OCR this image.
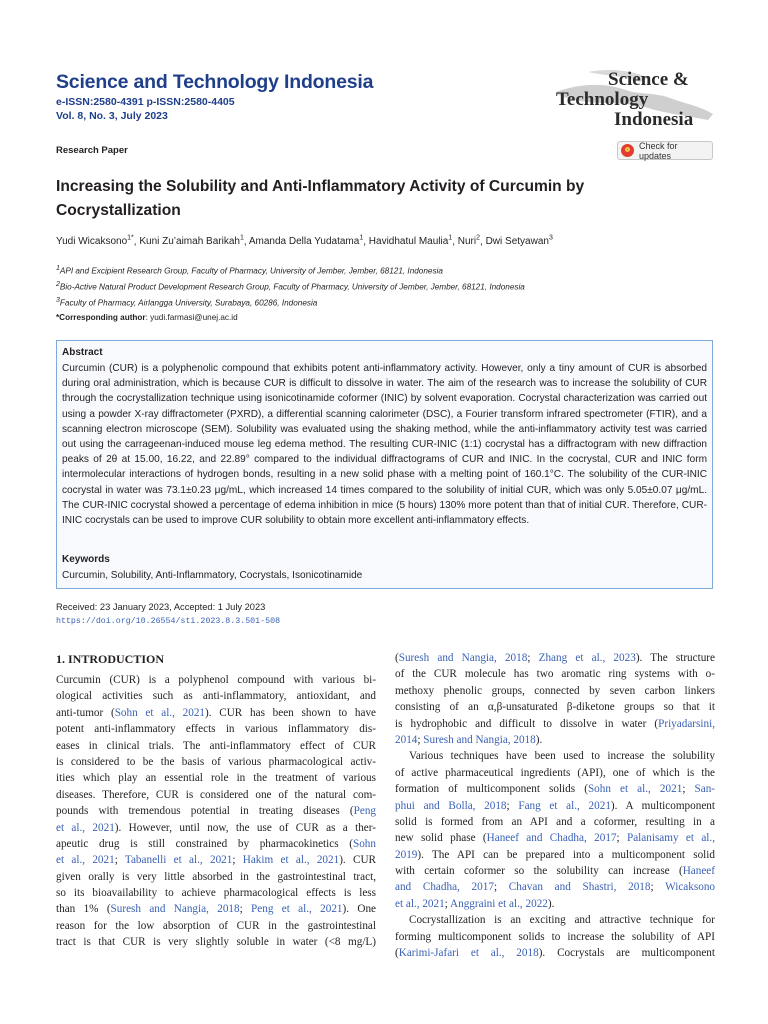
Science and Technology Indonesia
e-ISSN:2580-4391 p-ISSN:2580-4405
Vol. 8, No. 3, July 2023
Science &
Technology
Indonesia
Research Paper	Check for updates
Increasing the Solubility and Anti-Inflammatory Activity of Curcumin by
Cocrystallization
Yudi Wicaksono$^{1*}$, Kuni Zu’aimah Barikah$^1$, Amanda Della Yudatama$^1$, Havidhatul Maulia$^1$, Nuri$^2$, Dwi Setyawan$^3$
$^1$API and Excipient Research Group, Faculty of Pharmacy, University of Jember, Jember, 68121, Indonesia
$^2$Bio-Active Natural Product Development Research Group, Faculty of Pharmacy, University of Jember, Jember, 68121, Indonesia
$^3$Faculty of Pharmacy, Airlangga University, Surabaya, 60286, Indonesia
*Corresponding author: yudi.farmasi@unej.ac.id
Abstract
Curcumin (CUR) is a polyphenolic compound that exhibits potent anti-inflammatory activity. However, only a tiny amount of CUR is absorbed during oral administration, which is because CUR is difficult to dissolve in water. The aim of the research was to increase the solubility of CUR through the cocrystallization technique using isonicotinamide coformer (INIC) by solvent evaporation. Cocrystal characterization was carried out using a powder X-ray diffractometer (PXRD), a differential scanning calorimeter (DSC), a Fourier transform infrared spectrometer (FTIR), and a scanning electron microscope (SEM). Solubility was evaluated using the shaking method, while the anti-inflammatory activity test was carried out using the carrageenan-induced mouse leg edema method. The resulting CUR-INIC (1:1) cocrystal has a diffractogram with new diffraction peaks of 2θ at 15.00, 16.22, and 22.89° compared to the individual diffractograms of CUR and INIC. In the cocrystal, CUR and INIC form intermolecular interactions of hydrogen bonds, resulting in a new solid phase with a melting point of 160.1°C. The solubility of the CUR-INIC cocrystal in water was 73.1±0.23 μg/mL, which increased 14 times compared to the solubility of initial CUR, which was only 5.05±0.07 μg/mL. The CUR-INIC cocrystal showed a percentage of edema inhibition in mice (5 hours) 130% more potent than that of initial CUR. Therefore, CUR-INIC cocrystals can be used to improve CUR solubility to obtain more excellent anti-inflammatory effects.
Keywords
Curcumin, Solubility, Anti-Inflammatory, Cocrystals, Isonicotinamide
Received: 23 January 2023, Accepted: 1 July 2023
https://doi.org/10.26554/sti.2023.8.3.501-508
1. INTRODUCTION
Curcumin (CUR) is a polyphenol compound with various bi-
ological activities such as anti-inflammatory, antioxidant, and
anti-tumor (Sohn et al., 2021). CUR has been shown to have
potent anti-inflammatory effects in various inflammatory dis-
eases in clinical trials. The anti-inflammatory effect of CUR
is considered to be the basis of various pharmacological activ-
ities which play an essential role in the treatment of various
diseases. Therefore, CUR is considered one of the natural com-
pounds with tremendous potential in treating diseases (Peng
et al., 2021). However, until now, the use of CUR as a ther-
apeutic drug is still constrained by pharmacokinetics (Sohn
et al., 2021; Tabanelli et al., 2021; Hakim et al., 2021). CUR
given orally is very little absorbed in the gastrointestinal tract,
so its bioavailability to achieve pharmacological effects is less
than 1% (Suresh and Nangia, 2018; Peng et al., 2021). One
reason for the low absorption of CUR in the gastrointestinal
tract is that CUR is very slightly soluble in water (<8 mg/L)
(Suresh and Nangia, 2018; Zhang et al., 2023). The structure
of the CUR molecule has two aromatic ring systems with o-
methoxy phenolic groups, connected by seven carbon linkers
consisting of an α,β-unsaturated β-diketone groups so that it
is hydrophobic and difficult to dissolve in water (Priyadarsini,
2014; Suresh and Nangia, 2018).
Various techniques have been used to increase the solubility
of active pharmaceutical ingredients (API), one of which is the
formation of multicomponent solids (Sohn et al., 2021; San-
phui and Bolla, 2018; Fang et al., 2021). A multicomponent
solid is formed from an API and a coformer, resulting in a
new solid phase (Haneef and Chadha, 2017; Palanisamy et al.,
2019). The API can be prepared into a multicomponent solid
with certain coformer so the solubility can increase (Haneef
and Chadha, 2017; Chavan and Shastri, 2018; Wicaksono
et al., 2021; Anggraini et al., 2022).
Cocrystallization is an exciting and attractive technique for
forming multicomponent solids to increase the solubility of API
(Karimi-Jafari et al., 2018). Cocrystals are multicomponent
